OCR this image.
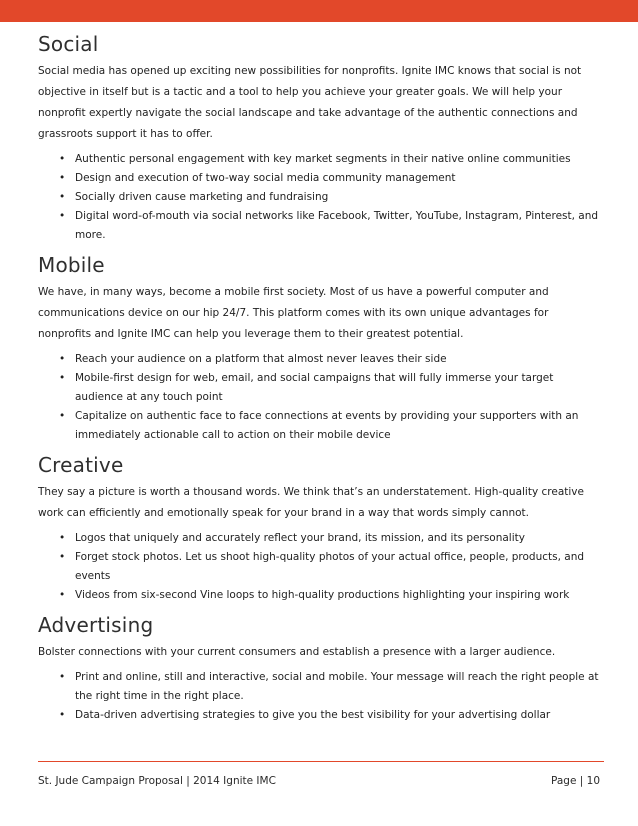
Social

Social media has opened up exciting new possibilities for nonprofits. Ignite IMC knows that social is not objective in itself but is a tactic and a tool to help you achieve your greater goals. We will help your nonprofit expertly navigate the social landscape and take advantage of the authentic connections and grassroots support it has to offer.

• Authentic personal engagement with key market segments in their native online communities
• Design and execution of two-way social media community management
• Socially driven cause marketing and fundraising
• Digital word-of-mouth via social networks like Facebook, Twitter, YouTube, Instagram, Pinterest, and more.
Mobile

We have, in many ways, become a mobile first society. Most of us have a powerful computer and communications device on our hip 24/7. This platform comes with its own unique advantages for nonprofits and Ignite IMC can help you leverage them to their greatest potential.

• Reach your audience on a platform that almost never leaves their side
• Mobile-first design for web, email, and social campaigns that will fully immerse your target audience at any touch point
• Capitalize on authentic face to face connections at events by providing your supporters with an immediately actionable call to action on their mobile device
Creative

They say a picture is worth a thousand words. We think that’s an understatement. High-quality creative work can efficiently and emotionally speak for your brand in a way that words simply cannot.

• Logos that uniquely and accurately reflect your brand, its mission, and its personality
• Forget stock photos. Let us shoot high-quality photos of your actual office, people, products, and events
• Videos from six-second Vine loops to high-quality productions highlighting your inspiring work
Advertising

Bolster connections with your current consumers and establish a presence with a larger audience.

• Print and online, still and interactive, social and mobile. Your message will reach the right people at the right time in the right place.
• Data-driven advertising strategies to give you the best visibility for your advertising dollar
St. Jude Campaign Proposal | 2014 Ignite IMC	Page | 10
